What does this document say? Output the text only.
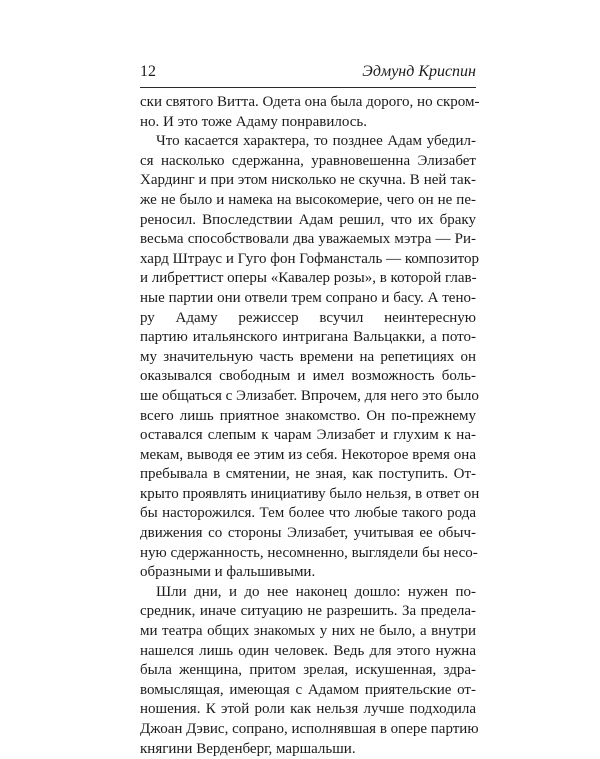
12	Эдмунд Криспин
ски святого Витта. Одета она была дорого, но скром-
но. И это тоже Адаму понравилось.
Что касается характера, то позднее Адам убедил-
ся насколько сдержанна, уравновешенна Элизабет
Хардинг и при этом нисколько не скучна. В ней так-
же не было и намека на высокомерие, чего он не пе-
реносил. Впоследствии Адам решил, что их браку
весьма способствовали два уважаемых мэтра — Ри-
хард Штраус и Гуго фон Гофмансталь — композитор
и либреттист оперы «Кавалер розы», в которой глав-
ные партии они отвели трем сопрано и басу. А тено-
ру Адаму режиссер всучил неинтересную
партию итальянского интригана Вальцакки, а пото-
му значительную часть времени на репетициях он
оказывался свободным и имел возможность боль-
ше общаться с Элизабет. Впрочем, для него это было
всего лишь приятное знакомство. Он по-прежнему
оставался слепым к чарам Элизабет и глухим к на-
мекам, выводя ее этим из себя. Некоторое время она
пребывала в смятении, не зная, как поступить. От-
крыто проявлять инициативу было нельзя, в ответ он
бы насторожился. Тем более что любые такого рода
движения со стороны Элизабет, учитывая ее обыч-
ную сдержанность, несомненно, выглядели бы несо-
образными и фальшивыми.
Шли дни, и до нее наконец дошло: нужен по-
средник, иначе ситуацию не разрешить. За предела-
ми театра общих знакомых у них не было, а внутри
нашелся лишь один человек. Ведь для этого нужна
была женщина, притом зрелая, искушенная, здра-
вомыслящая, имеющая с Адамом приятельские от-
ношения. К этой роли как нельзя лучше подходила
Джоан Дэвис, сопрано, исполнявшая в опере партию
княгини Верденберг, маршальши.
